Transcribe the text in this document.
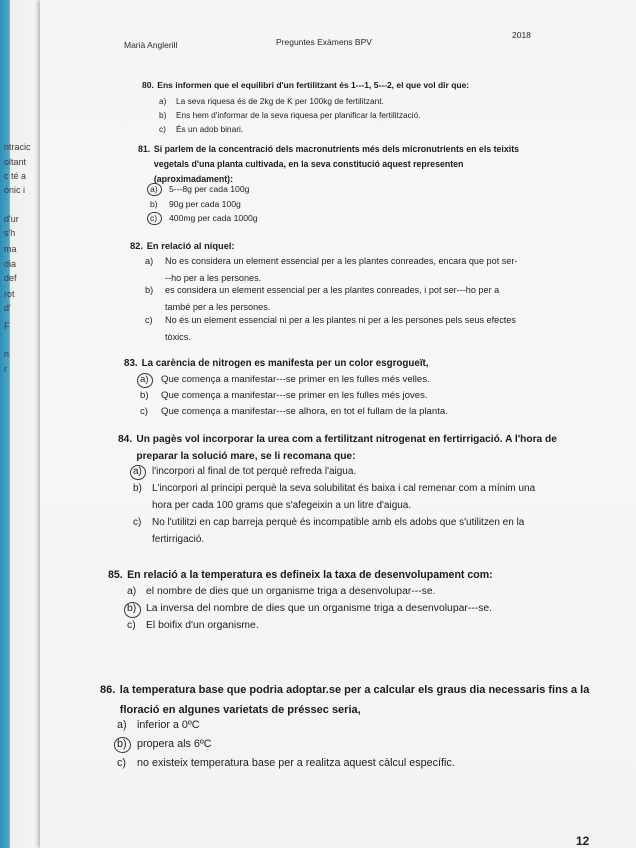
ntracic
oltant
c té a
ònic i
d'ur
s'h
ma
dia
def
rot
d'
F
n
r
Marià Anglerill	Preguntes Exàmens BPV
2018
80. Ens informen que el equilibri d'un fertilitzant és 1---1, 5---2, el que vol dir que:
a) La seva riquesa és de 2kg de K per 100kg de fertilitzant.
b) Ens hem d'informar de la seva riquesa per planificar la fertilització.
c) És un adob binari.
81. Si parlem de la concentració dels macronutrients més dels micronutrients en els teixits
vegetals d'una planta cultivada, en la seva constitució aquest representen
(aproximadament):
a) 5---8g per cada 100g
b) 90g per cada 100g
c) 400mg per cada 1000g
82. En relació al níquel:
a) No es considera un element essencial per a les plantes conreades, encara que pot ser-
--ho per a les persones.
b) es considera un element essencial per a les plantes conreades, i pot ser---ho per a
també per a les persones.
c) No és un element essencial ni per a les plantes ni per a les persones pels seus efectes
tòxics.
83. La carència de nitrogen es manifesta per un color esgrogueït,
a) Que comença a manifestar---se primer en les fulles més velles.
b) Que comença a manifestar---se primer en les fulles més joves.
c) Que comença a manifestar---se alhora, en tot el fullam de la planta.
84. Un pagès vol incorporar la urea com a fertilitzant nitrogenat en fertirrigació. A l'hora de
preparar la solució mare, se li recomana que:
a) l'incorpori al final de tot perquè refreda l'aigua.
b) L'incorpori al principi perquè la seva solubilitat és baixa i cal remenar com a mínim una
hora per cada 100 grams que s'afegeixin a un litre d'aigua.
c) No l'utilitzi en cap barreja perquè és incompatible amb els adobs que s'utilitzen en la
fertirrigació.
85. En relació a la temperatura es defineix la taxa de desenvolupament com:
a) el nombre de dies que un organisme triga a desenvolupar---se.
b) La inversa del nombre de dies que un organisme triga a desenvolupar---se.
c) El boifix d'un organisme.
86. la temperatura base que podria adoptar.se per a calcular els graus dia necessaris fins a la
floració en algunes varietats de préssec seria,
a) inferior a 0ºC
b) propera als 6ºC
c) no existeix temperatura base per a realitza aquest càlcul específic.
12
